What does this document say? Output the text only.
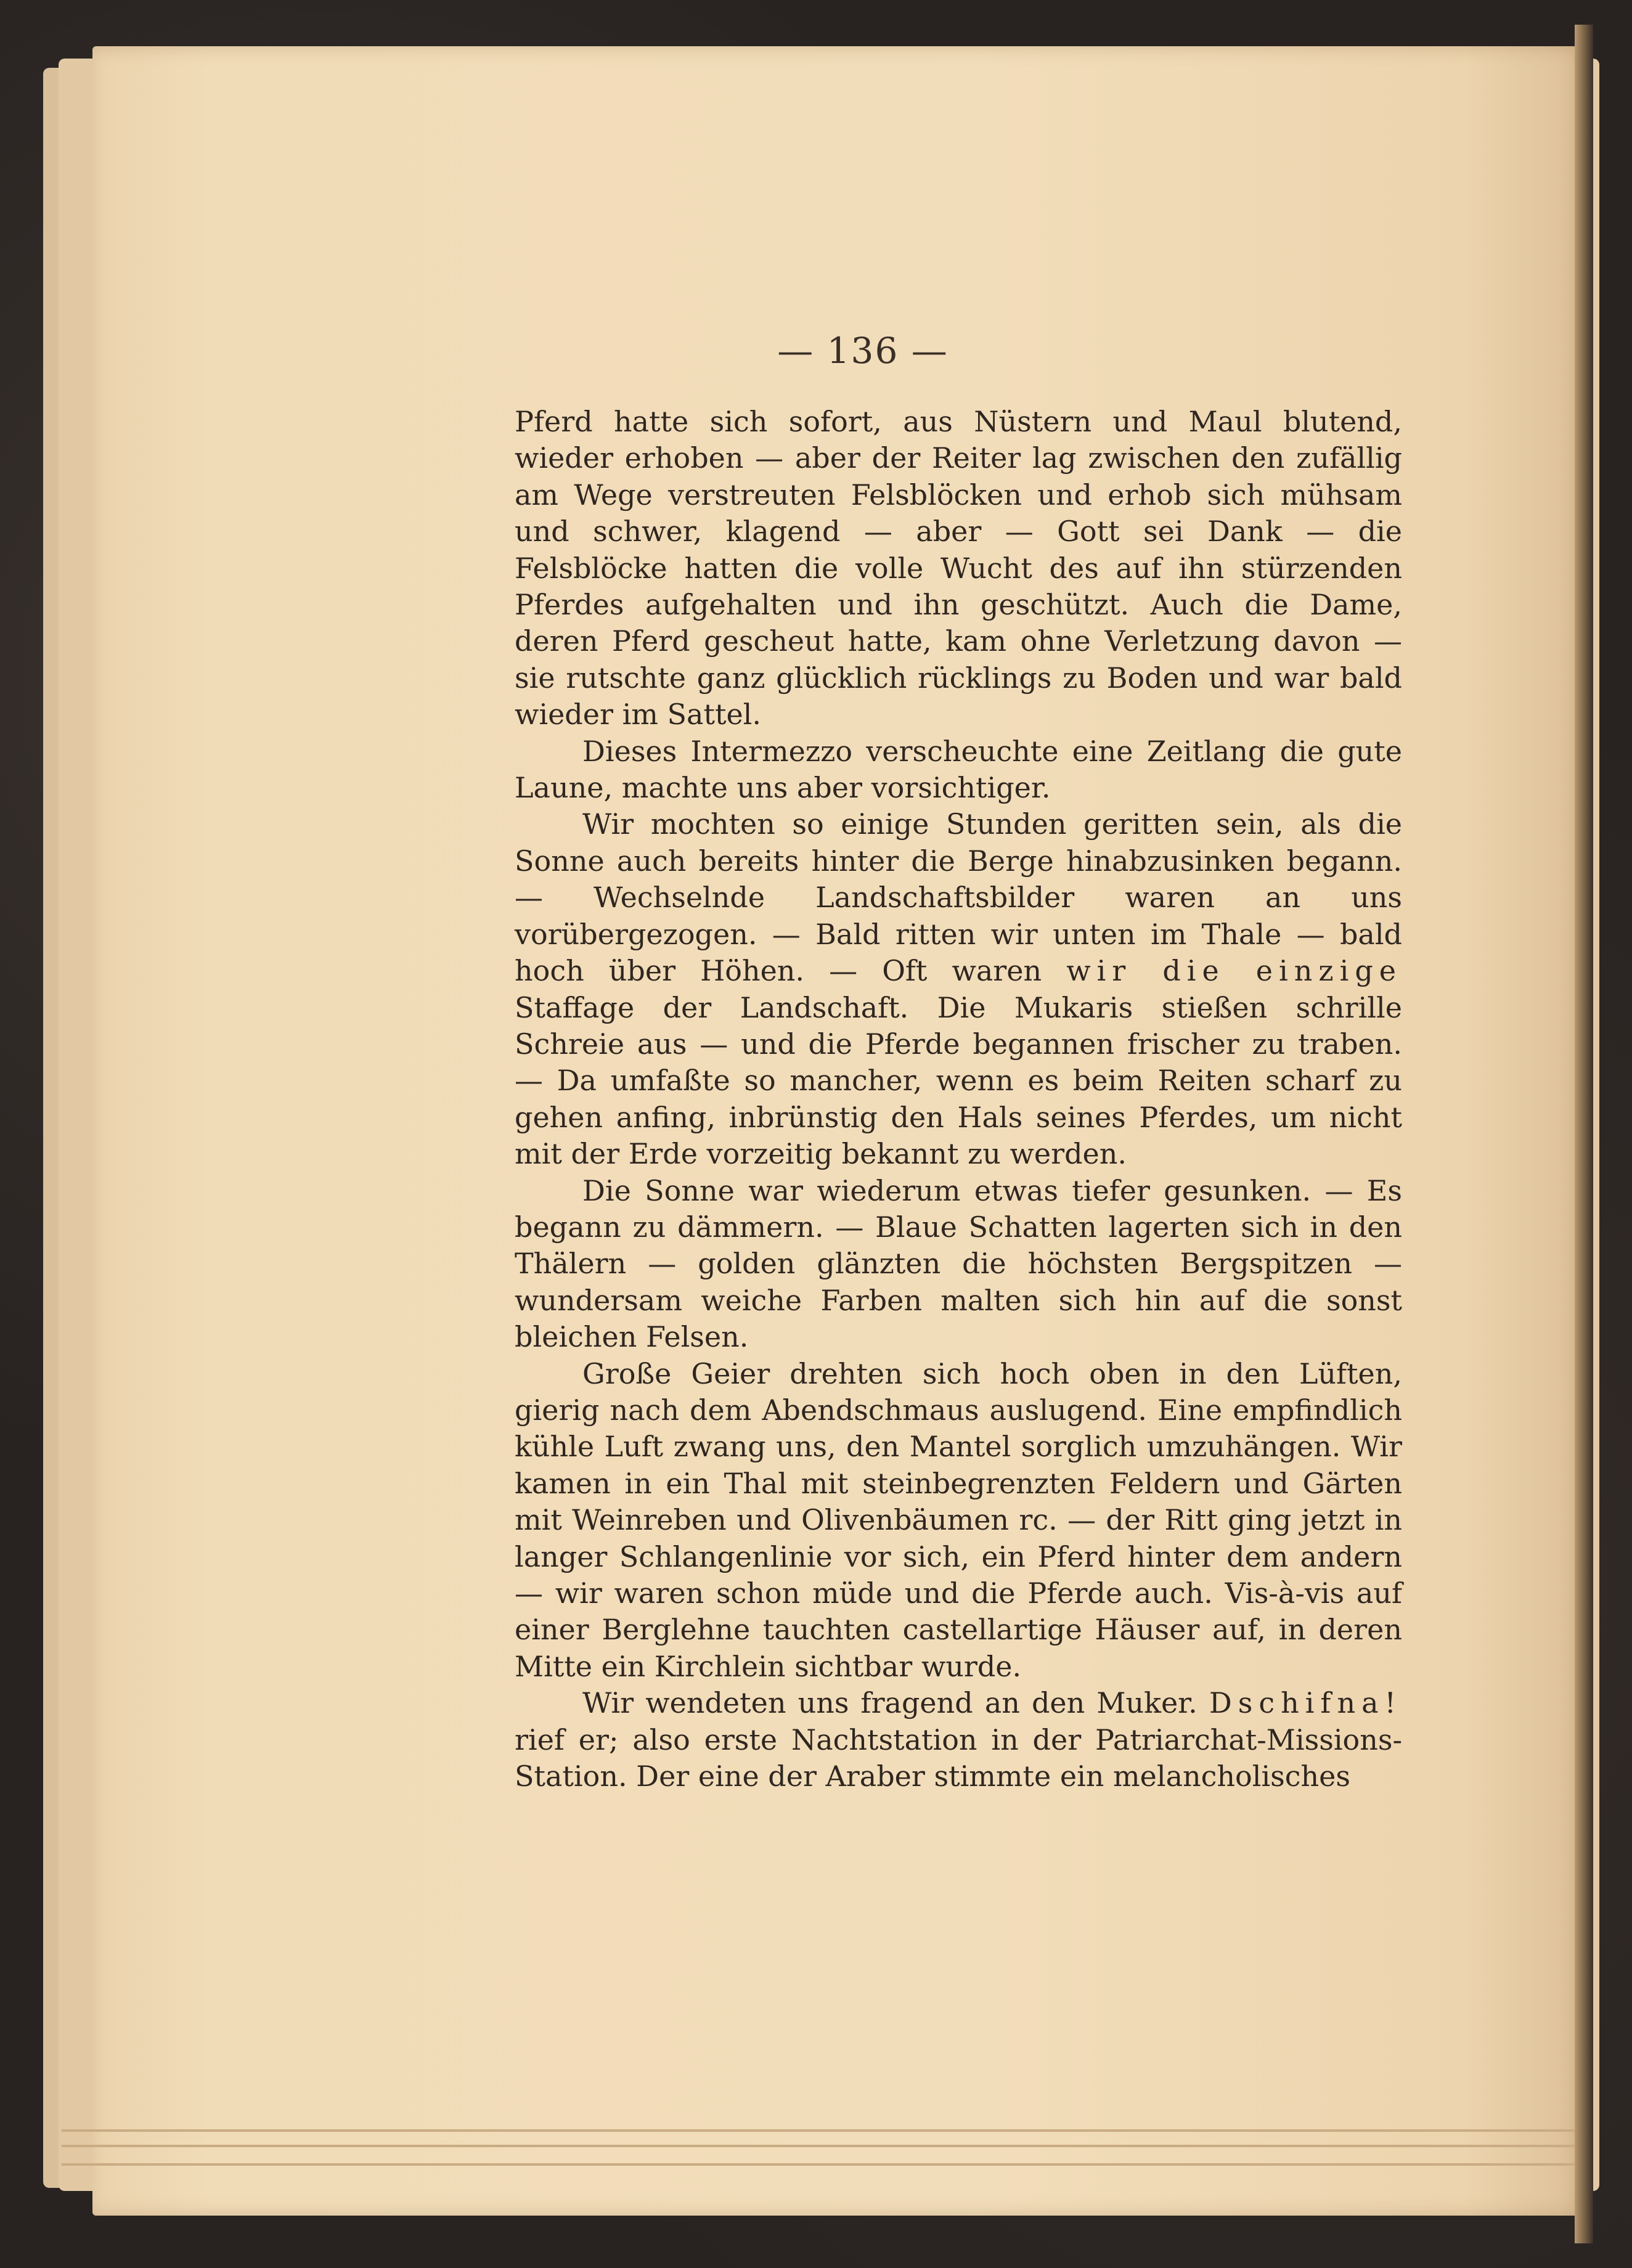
— 136 —

Pferd hatte sich sofort, aus Nüstern und Maul blutend, wieder erhoben — aber der Reiter lag zwischen den zufällig am Wege verstreuten Felsblöcken und erhob sich mühsam und schwer, klagend — aber — Gott sei Dank — die Felsblöcke hatten die volle Wucht des auf ihn stürzenden Pferdes aufgehalten und ihn geschützt. Auch die Dame, deren Pferd gescheut hatte, kam ohne Verletzung davon — sie rutschte ganz glücklich rücklings zu Boden und war bald wieder im Sattel.

Dieses Intermezzo verscheuchte eine Zeitlang die gute Laune, machte uns aber vorsichtiger.

Wir mochten so einige Stunden geritten sein, als die Sonne auch bereits hinter die Berge hinabzusinken begann. — Wechselnde Landschaftsbilder waren an uns vorübergezogen. — Bald ritten wir unten im Thale — bald hoch über Höhen. — Oft waren wir die einzige Staffage der Landschaft. Die Mukaris stießen schrille Schreie aus — und die Pferde begannen frischer zu traben. — Da umfaßte so mancher, wenn es beim Reiten scharf zu gehen anfing, inbrünstig den Hals seines Pferdes, um nicht mit der Erde vorzeitig bekannt zu werden.

Die Sonne war wiederum etwas tiefer gesunken. — Es begann zu dämmern. — Blaue Schatten lagerten sich in den Thälern — golden glänzten die höchsten Bergspitzen — wundersam weiche Farben malten sich hin auf die sonst bleichen Felsen.

Große Geier drehten sich hoch oben in den Lüften, gierig nach dem Abendschmaus auslugend. Eine empfindlich kühle Luft zwang uns, den Mantel sorglich umzuhängen. Wir kamen in ein Thal mit steinbegrenzten Feldern und Gärten mit Weinreben und Olivenbäumen rc. — der Ritt ging jetzt in langer Schlangenlinie vor sich, ein Pferd hinter dem andern — wir waren schon müde und die Pferde auch. Vis-à-vis auf einer Berglehne tauchten castellartige Häuser auf, in deren Mitte ein Kirchlein sichtbar wurde.

Wir wendeten uns fragend an den Muker. Dschifna! rief er; also erste Nachtstation in der Patriarchat-Missions-Station. Der eine der Araber stimmte ein melancholisches
